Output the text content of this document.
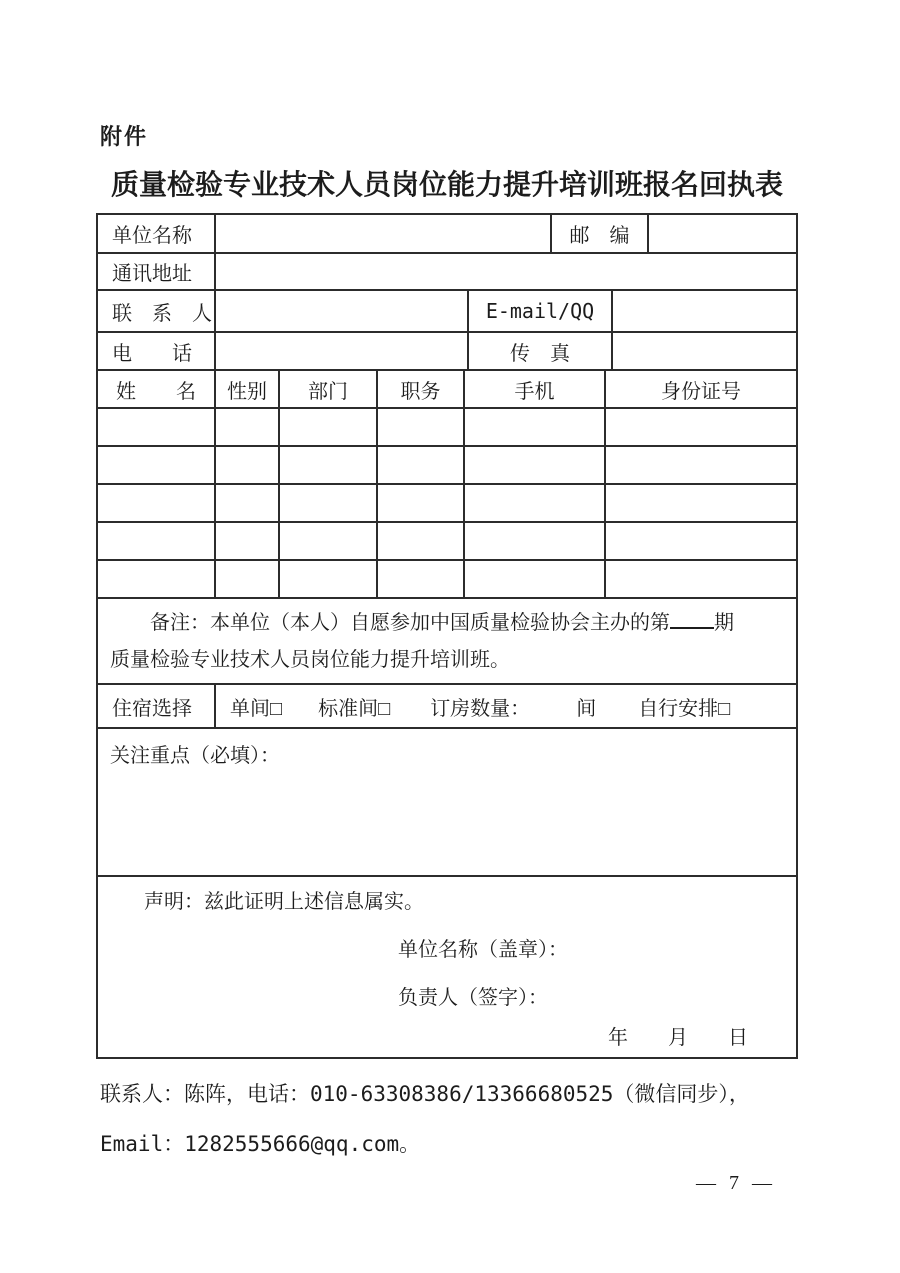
附件
质量检验专业技术人员岗位能力提升培训班报名回执表
单位名称	邮　编
通讯地址
联　系　人	E-mail/QQ
电　　话	传　真
姓　　名	性别	部门	职务	手机	身份证号
备注：本单位（本人）自愿参加中国质量检验协会主办的第 期
质量检验专业技术人员岗位能力提升培训班。
住宿选择	单间□ 标准间□ 订房数量： 间 自行安排□
关注重点（必填）：
声明：兹此证明上述信息属实。
单位名称（盖章）：
负责人（签字）：
年　　月　　日
联系人：陈阵，电话：010-63308386/13366680525（微信同步），
Email：1282555666@qq.com。
— 7 —
